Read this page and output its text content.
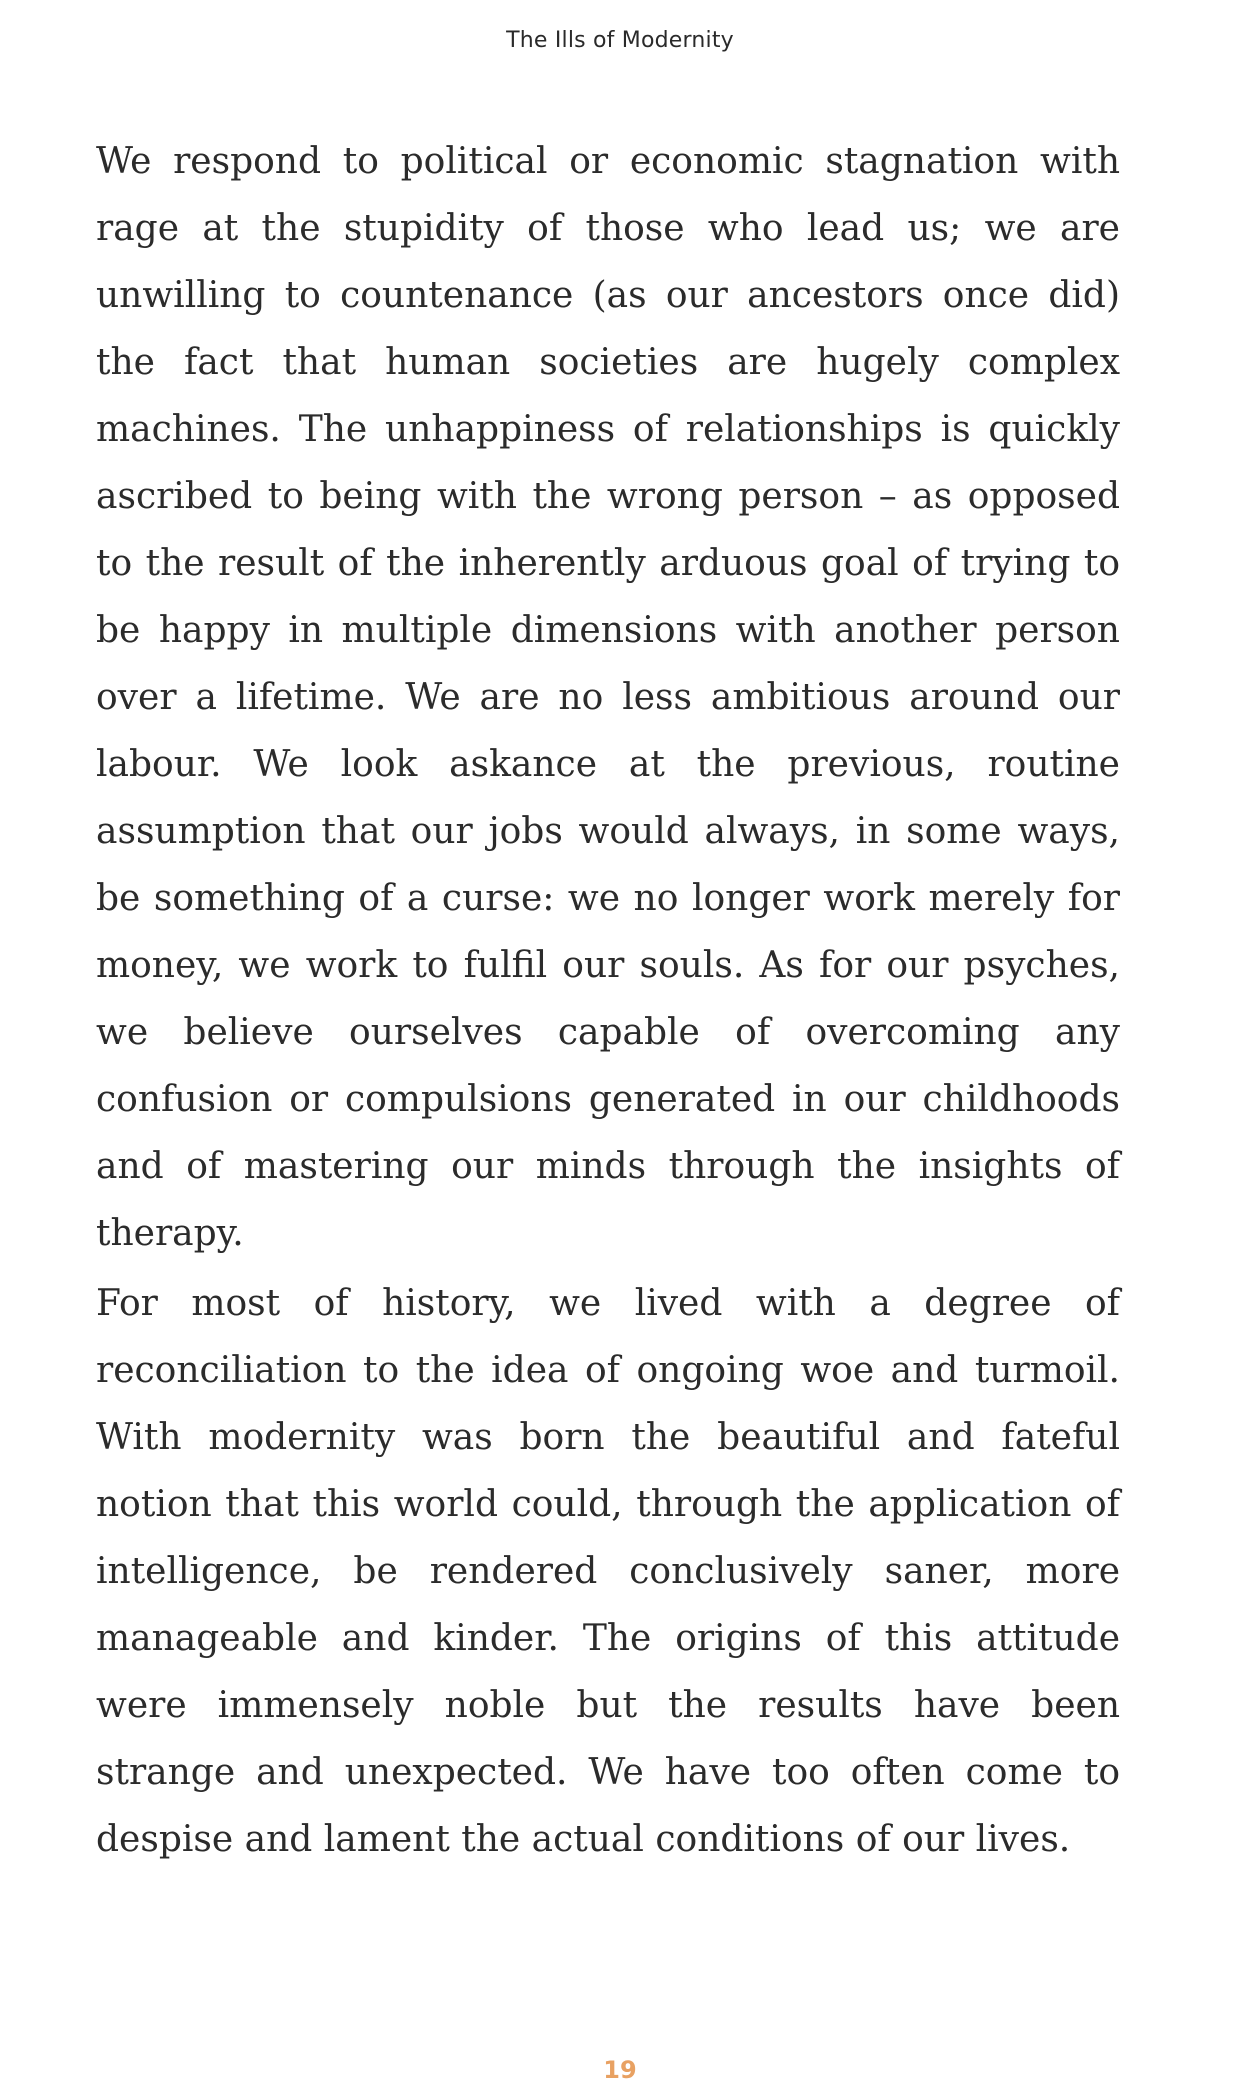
The Ills of Modernity

We respond to political or economic stagnation with rage at the stupidity of those who lead us; we are unwilling to countenance (as our ancestors once did) the fact that human societies are hugely complex machines. The unhappiness of relationships is quickly ascribed to being with the wrong person – as opposed to the result of the inherently arduous goal of trying to be happy in multiple dimensions with another person over a lifetime. We are no less ambitious around our labour. We look askance at the previous, routine assumption that our jobs would always, in some ways, be something of a curse: we no longer work merely for money, we work to fulfil our souls. As for our psyches, we believe ourselves capable of overcoming any confusion or compulsions generated in our childhoods and of mastering our minds through the insights of therapy.

For most of history, we lived with a degree of reconciliation to the idea of ongoing woe and turmoil. With modernity was born the beautiful and fateful notion that this world could, through the application of intelligence, be rendered conclusively saner, more manageable and kinder. The origins of this attitude were immensely noble but the results have been strange and unexpected. We have too often come to despise and lament the actual conditions of our lives.

19
